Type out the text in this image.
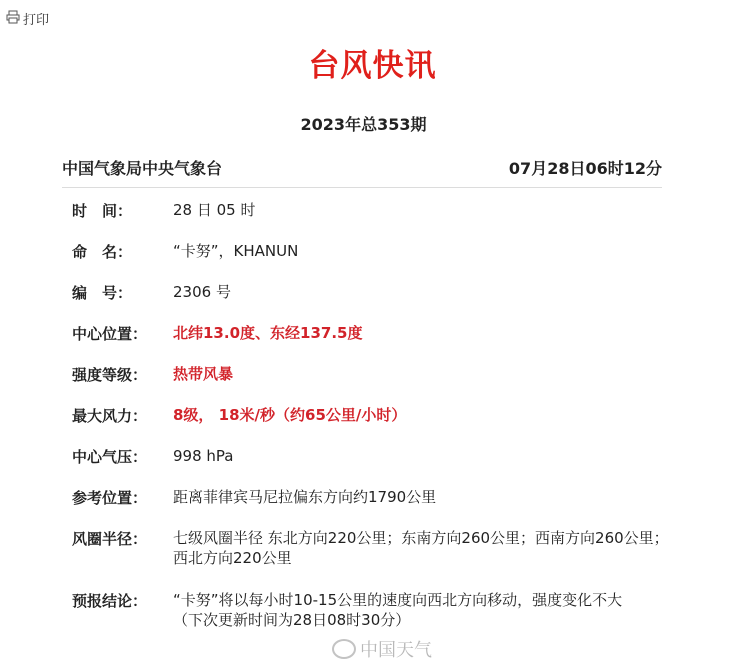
打印
台风快讯
2023年总353期
中国气象局中央气象台	07月28日06时12分
时　间：	28 日 05 时
命　名：	“卡努”，KHANUN
编　号：	2306 号
中心位置：	北纬13.0度、东经137.5度
强度等级：	热带风暴
最大风力：	8级， 18米/秒（约65公里/小时）
中心气压：	998 hPa
参考位置：	距离菲律宾马尼拉偏东方向约1790公里
风圈半径：	七级风圈半径 东北方向220公里；东南方向260公里；西南方向260公里；西北方向220公里
预报结论：	“卡努”将以每小时10-15公里的速度向西北方向移动，强度变化不大
（下次更新时间为28日08时30分）
中国天气
